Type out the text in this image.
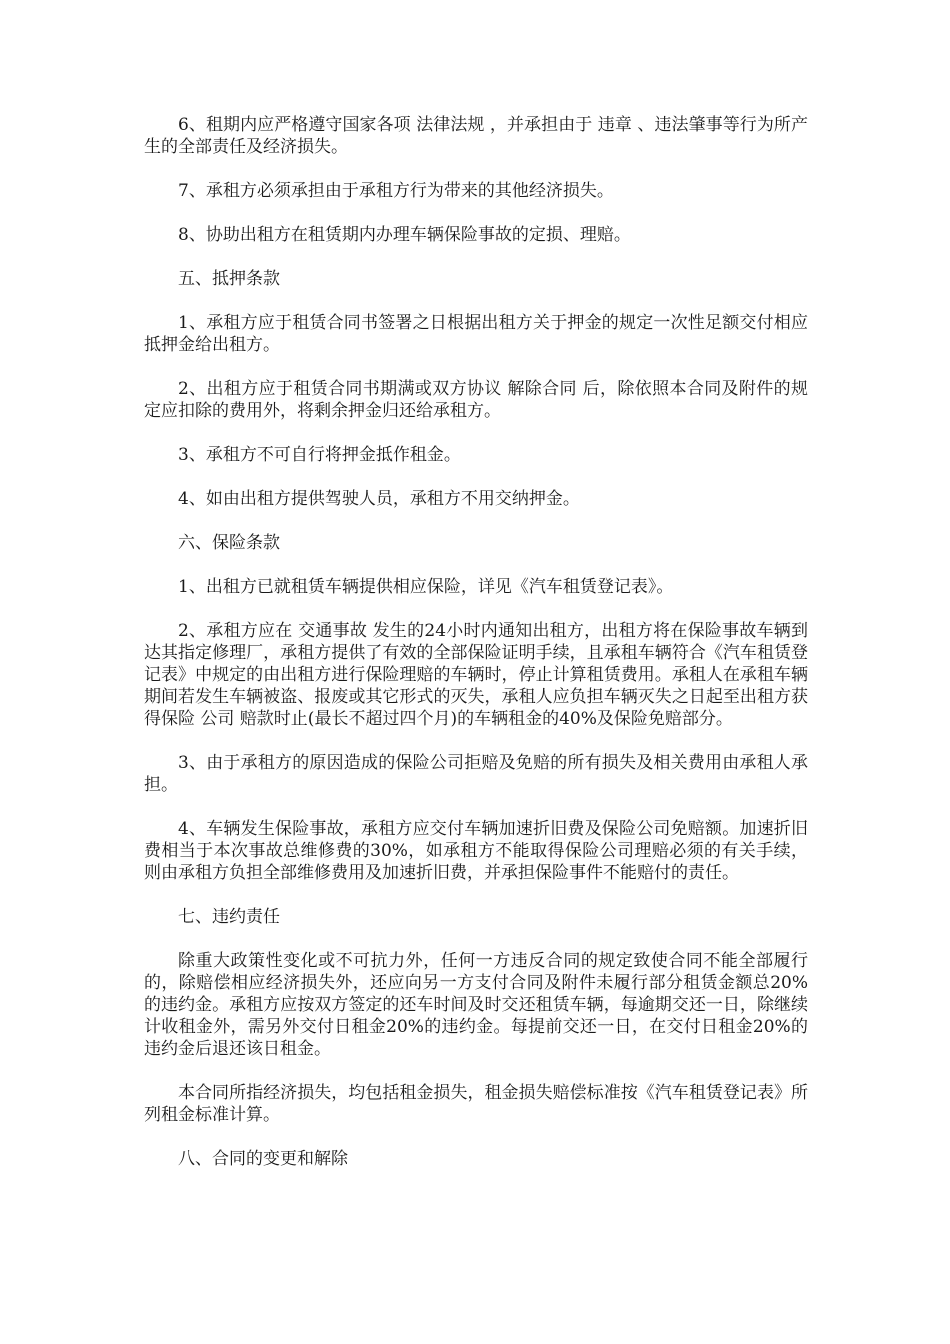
6、租期内应严格遵守国家各项 法律法规 ，并承担由于 违章 、违法肇事等行为所产生的全部责任及经济损失。

7、承租方必须承担由于承租方行为带来的其他经济损失。

8、协助出租方在租赁期内办理车辆保险事故的定损、理赔。

五、抵押条款

1、承租方应于租赁合同书签署之日根据出租方关于押金的规定一次性足额交付相应抵押金给出租方。

2、出租方应于租赁合同书期满或双方协议 解除合同 后，除依照本合同及附件的规定应扣除的费用外，将剩余押金归还给承租方。

3、承租方不可自行将押金抵作租金。

4、如由出租方提供驾驶人员，承租方不用交纳押金。

六、保险条款

1、出租方已就租赁车辆提供相应保险，详见《汽车租赁登记表》。

2、承租方应在 交通事故 发生的24小时内通知出租方，出租方将在保险事故车辆到达其指定修理厂，承租方提供了有效的全部保险证明手续，且承租车辆符合《汽车租赁登记表》中规定的由出租方进行保险理赔的车辆时，停止计算租赁费用。承租人在承租车辆期间若发生车辆被盗、报废或其它形式的灭失，承租人应负担车辆灭失之日起至出租方获得保险 公司 赔款时止(最长不超过四个月)的车辆租金的40%及保险免赔部分。

3、由于承租方的原因造成的保险公司拒赔及免赔的所有损失及相关费用由承租人承担。

4、车辆发生保险事故，承租方应交付车辆加速折旧费及保险公司免赔额。加速折旧费相当于本次事故总维修费的30%，如承租方不能取得保险公司理赔必须的有关手续，则由承租方负担全部维修费用及加速折旧费，并承担保险事件不能赔付的责任。

七、违约责任

除重大政策性变化或不可抗力外，任何一方违反合同的规定致使合同不能全部履行的，除赔偿相应经济损失外，还应向另一方支付合同及附件未履行部分租赁金额总20%的违约金。承租方应按双方签定的还车时间及时交还租赁车辆，每逾期交还一日，除继续计收租金外，需另外交付日租金20%的违约金。每提前交还一日，在交付日租金20%的违约金后退还该日租金。

本合同所指经济损失，均包括租金损失，租金损失赔偿标准按《汽车租赁登记表》所列租金标准计算。

八、合同的变更和解除
